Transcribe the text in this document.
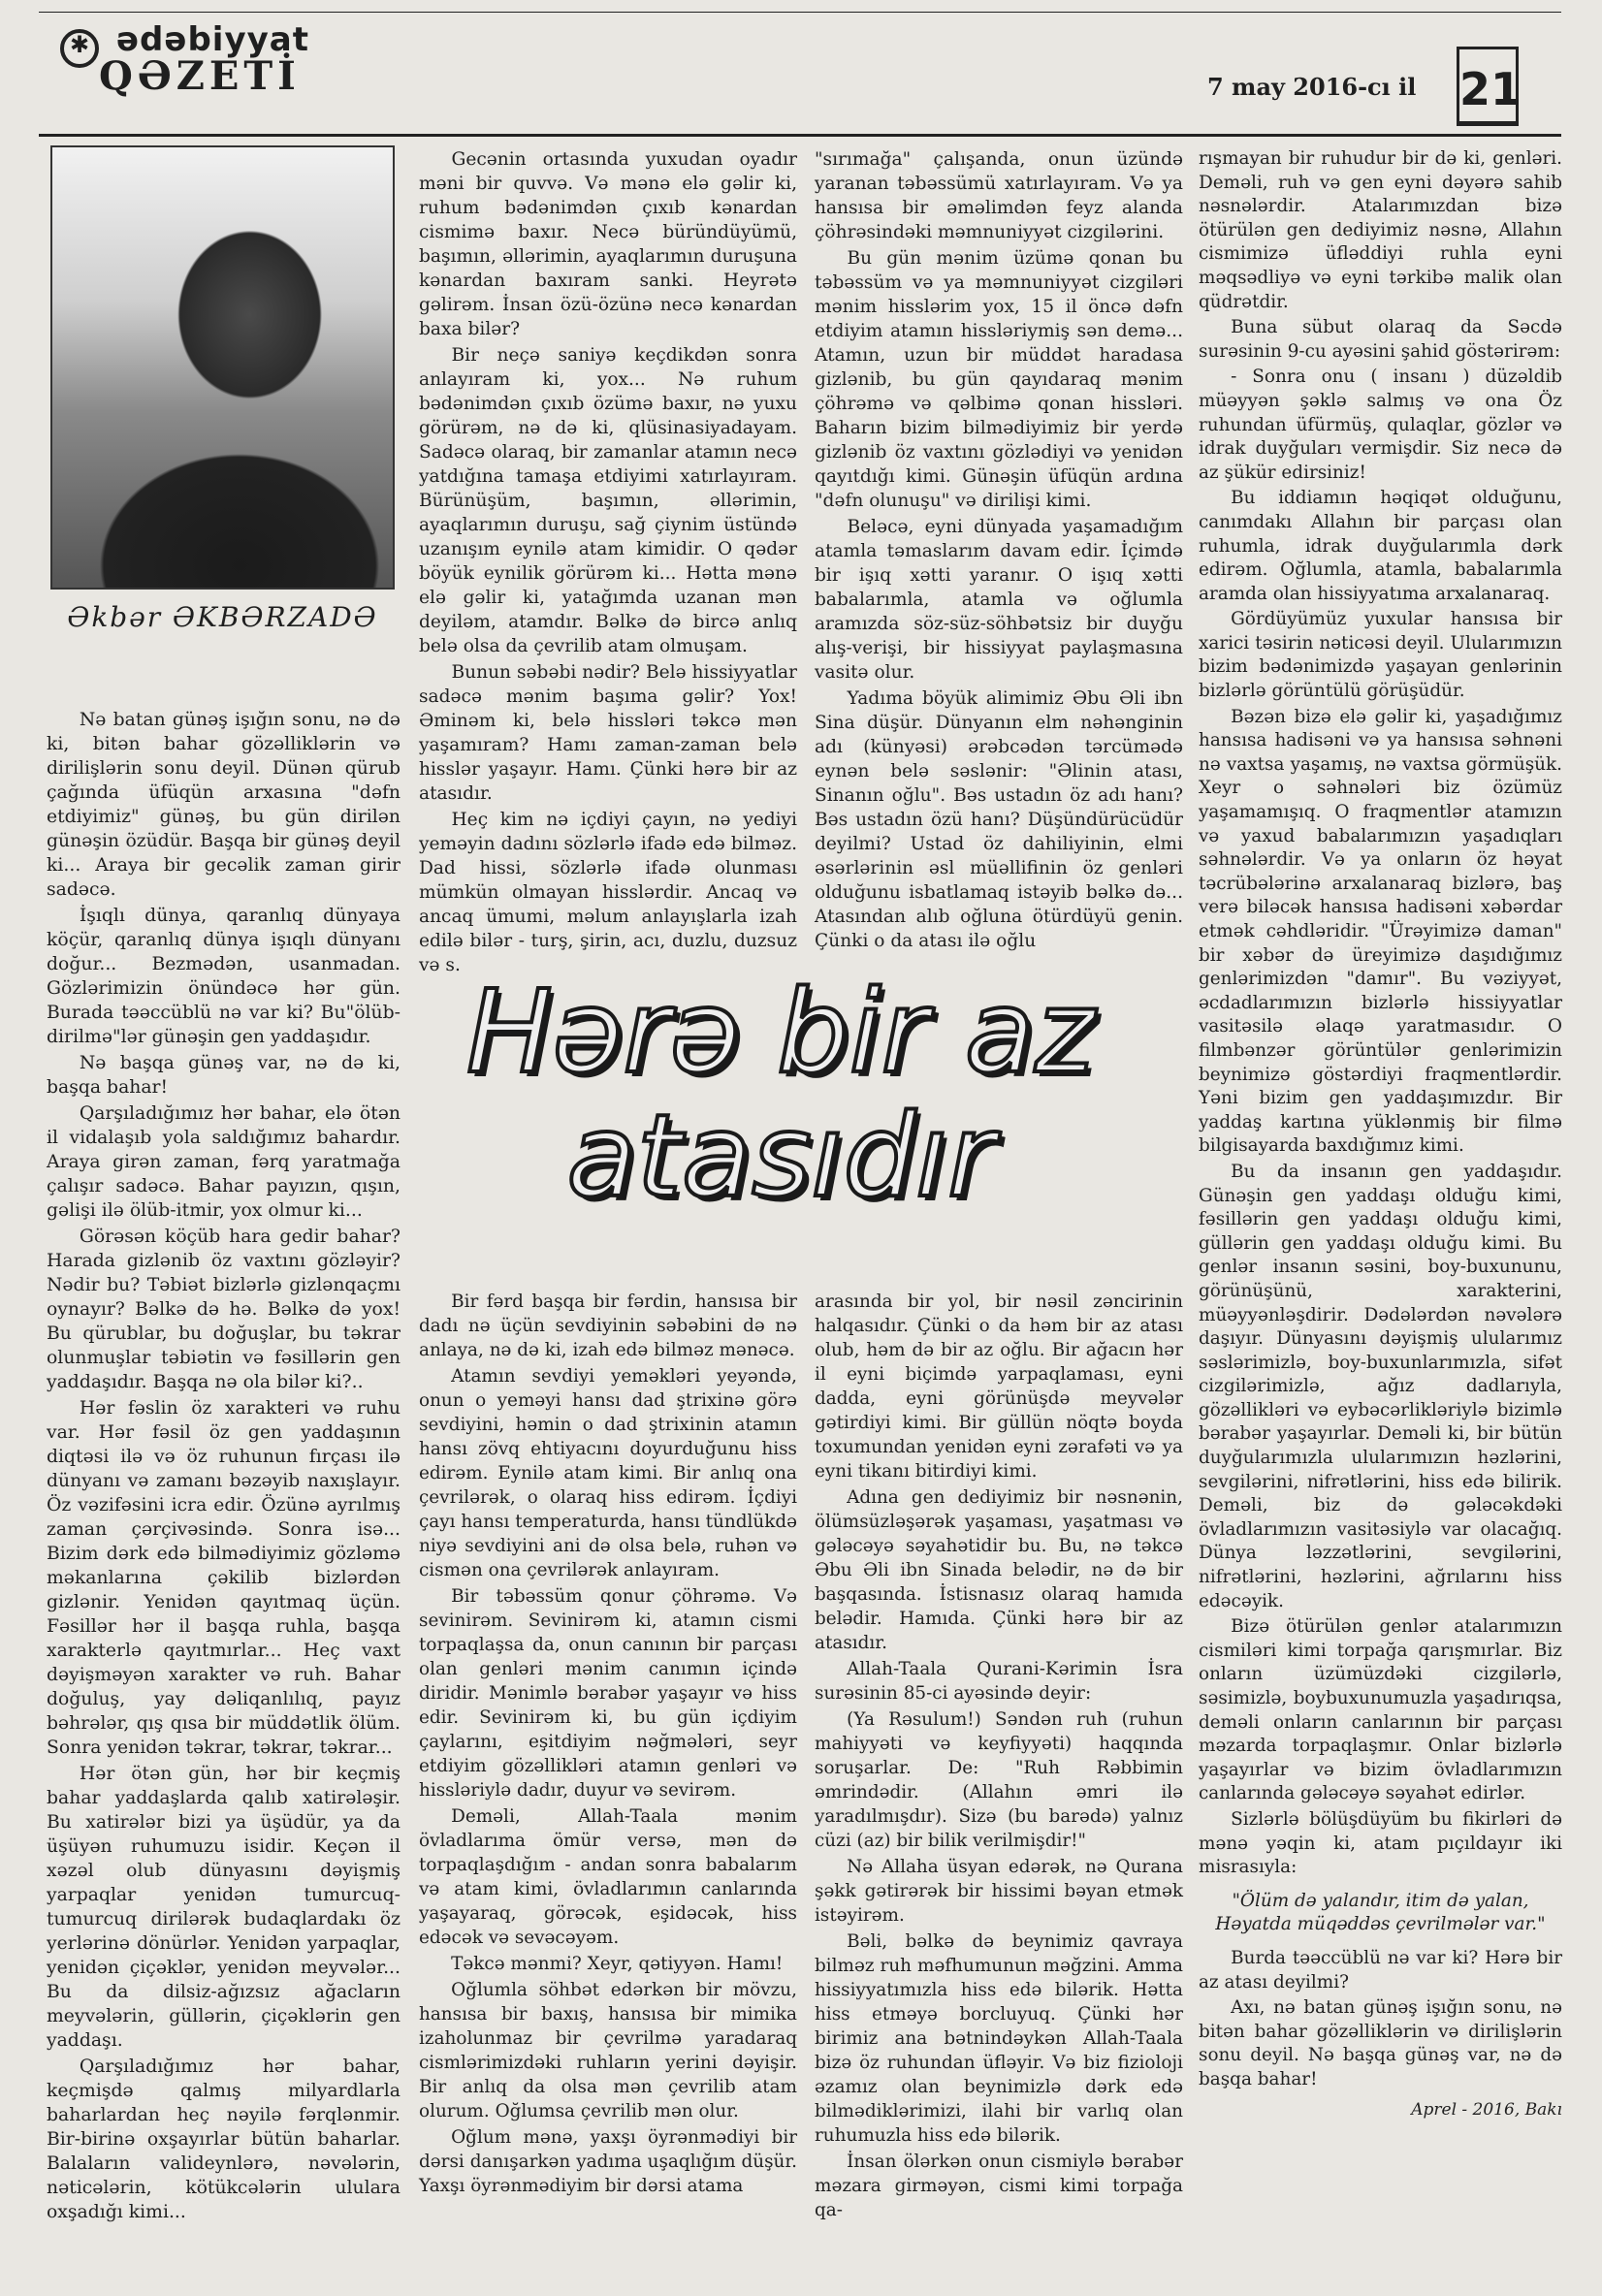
✱
ədəbiyyat
QƏZETİ	7 may 2016-cı il 21
Əkbər ƏKBƏRZADƏ

Nə batan günəş işığın sonu, nə də ki, bitən bahar gözəlliklərin və dirilişlərin sonu deyil. Dünən qürub çağında üfüqün arxasına "dəfn etdiyimiz" günəş, bu gün dirilən günəşin özüdür. Başqa bir günəş deyil ki... Araya bir gecəlik zaman girir sadəcə.

İşıqlı dünya, qaranlıq dünyaya köçür, qaranlıq dünya işıqlı dünyanı doğur... Bezmədən, usanmadan. Gözlərimizin önündəcə hər gün. Burada təəccüblü nə var ki? Bu"ölüb-dirilmə"lər günəşin gen yaddaşıdır.

Nə başqa günəş var, nə də ki, başqa bahar!

Qarşıladığımız hər bahar, elə ötən il vidalaşıb yola saldığımız bahardır. Araya girən zaman, fərq yaratmağa çalışır sadəcə. Bahar payızın, qışın, gəlişi ilə ölüb-itmir, yox olmur ki...

Görəsən köçüb hara gedir bahar? Harada gizlənib öz vaxtını gözləyir? Nədir bu? Təbiət bizlərlə gizlənqaçmı oynayır? Bəlkə də hə. Bəlkə də yox! Bu qürublar, bu doğuşlar, bu təkrar olunmuşlar təbiətin və fəsillərin gen yaddaşıdır. Başqa nə ola bilər ki?..

Hər fəslin öz xarakteri və ruhu var. Hər fəsil öz gen yaddaşının diqtəsi ilə və öz ruhunun fırçası ilə dünyanı və zamanı bəzəyib naxışlayır. Öz vəzifəsini icra edir. Özünə ayrılmış zaman çərçivəsində. Sonra isə... Bizim dərk edə bilmədiyimiz gözləmə məkanlarına çəkilib bizlərdən gizlənir. Yenidən qayıtmaq üçün. Fəsillər hər il başqa ruhla, başqa xarakterlə qayıtmırlar... Heç vaxt dəyişməyən xarakter və ruh. Bahar doğuluş, yay dəliqanlılıq, payız bəhrələr, qış qısa bir müddətlik ölüm. Sonra yenidən təkrar, təkrar, təkrar...

Hər ötən gün, hər bir keçmiş bahar yaddaşlarda qalıb xatirələşir. Bu xatirələr bizi ya üşüdür, ya da üşüyən ruhumuzu isidir. Keçən il xəzəl olub dünyasını dəyişmiş yarpaqlar yenidən tumurcuq-tumurcuq dirilərək budaqlardakı öz yerlərinə dönürlər. Yenidən yarpaqlar, yenidən çiçəklər, yenidən meyvələr... Bu da dilsiz-ağızsız ağacların meyvələrin, güllərin, çiçəklərin gen yaddaşı.

Qarşıladığımız hər bahar, keçmişdə qalmış milyardlarla baharlardan heç nəyilə fərqlənmir. Bir-birinə oxşayırlar bütün baharlar. Balaların valideynlərə, nəvələrin, nəticələrin, kötükcələrin ululara oxşadığı kimi...

Gecənin ortasında yuxudan oyadır məni bir quvvə. Və mənə elə gəlir ki, ruhum bədənimdən çıxıb kənardan cismimə baxır. Necə büründüyümü, başımın, əllərimin, ayaqlarımın duruşuna kənardan baxıram sanki. Heyrətə gəlirəm. İnsan özü-özünə necə kənardan baxa bilər?

Bir neçə saniyə keçdikdən sonra anlayıram ki, yox... Nə ruhum bədənimdən çıxıb özümə baxır, nə yuxu görürəm, nə də ki, qlüsinasiyadayam. Sadəcə olaraq, bir zamanlar atamın necə yatdığına tamaşa etdiyimi xatırlayıram. Bürünüşüm, başımın, əllərimin, ayaqlarımın duruşu, sağ çiynim üstündə uzanışım eynilə atam kimidir. O qədər böyük eynilik görürəm ki... Hətta mənə elə gəlir ki, yatağımda uzanan mən deyiləm, atamdır. Bəlkə də bircə anlıq belə olsa da çevrilib atam olmuşam.

Bunun səbəbi nədir? Belə hissiyyatlar sadəcə mənim başıma gəlir? Yox! Əminəm ki, belə hissləri təkcə mən yaşamıram? Hamı zaman-zaman belə hisslər yaşayır. Hamı. Çünki hərə bir az atasıdır.

Heç kim nə içdiyi çayın, nə yediyi yeməyin dadını sözlərlə ifadə edə bilməz. Dad hissi, sözlərlə ifadə olunması mümkün olmayan hisslərdir. Ancaq və ancaq ümumi, məlum anlayışlarla izah edilə bilər - turş, şirin, acı, duzlu, duzsuz və s.

"sırımağa" çalışanda, onun üzündə yaranan təbəssümü xatırlayıram. Və ya hansısa bir əməlimdən feyz alanda çöhrəsindəki məmnuniyyət cizgilərini.

Bu gün mənim üzümə qonan bu təbəssüm və ya məmnuniyyət cizgiləri mənim hisslərim yox, 15 il öncə dəfn etdiyim atamın hissləriymiş sən demə... Atamın, uzun bir müddət haradasa gizlənib, bu gün qayıdaraq mənim çöhrəmə və qəlbimə qonan hissləri. Baharın bizim bilmədiyimiz bir yerdə gizlənib öz vaxtını gözlədiyi və yenidən qayıtdığı kimi. Günəşin üfüqün ardına "dəfn olunuşu" və dirilişi kimi.

Beləcə, eyni dünyada yaşamadığım atamla təmaslarım davam edir. İçimdə bir işıq xətti yaranır. O işıq xətti babalarımla, atamla və oğlumla aramızda söz-süz-söhbətsiz bir duyğu alış-verişi, bir hissiyyat paylaşmasına vasitə olur.

Yadıma böyük alimimiz Əbu Əli ibn Sina düşür. Dünyanın elm nəhənginin adı (künyəsi) ərəbcədən tərcümədə eynən belə səslənir: "Əlinin atası, Sinanın oğlu". Bəs ustadın öz adı hanı? Bəs ustadın özü hanı? Düşündürücüdür deyilmi? Ustad öz dahiliyinin, elmi əsərlərinin əsl müəllifinin öz genləri olduğunu isbatlamaq istəyib bəlkə də... Atasından alıb oğluna ötürdüyü genin. Çünki o da atası ilə oğlu

Hərə bir az atasıdır

Bir fərd başqa bir fərdin, hansısa bir dadı nə üçün sevdiyinin səbəbini də nə anlaya, nə də ki, izah edə bilməz mənəcə.

Atamın sevdiyi yeməkləri yeyəndə, onun o yeməyi hansı dad ştrixinə görə sevdiyini, həmin o dad ştrixinin atamın hansı zövq ehtiyacını doyurduğunu hiss edirəm. Eynilə atam kimi. Bir anlıq ona çevrilərək, o olaraq hiss edirəm. İçdiyi çayı hansı temperaturda, hansı tündlükdə niyə sevdiyini ani də olsa belə, ruhən və cismən ona çevrilərək anlayıram.

Bir təbəssüm qonur çöhrəmə. Və sevinirəm. Sevinirəm ki, atamın cismi torpaqlaşsa da, onun canının bir parçası olan genləri mənim canımın içində diridir. Mənimlə bərabər yaşayır və hiss edir. Sevinirəm ki, bu gün içdiyim çaylarını, eşitdiyim nəğmələri, seyr etdiyim gözəllikləri atamın genləri və hissləriylə dadır, duyur və sevirəm.

Deməli, Allah-Taala mənim övladlarıma ömür versə, mən də torpaqlaşdığım - andan sonra babalarım və atam kimi, övladlarımın canlarında yaşayaraq, görəcək, eşidəcək, hiss edəcək və sevəcəyəm.

Təkcə mənmi? Xeyr, qətiyyən. Hamı!

Oğlumla söhbət edərkən bir mövzu, hansısa bir baxış, hansısa bir mimika izaholunmaz bir çevrilmə yaradaraq cismlərimizdəki ruhların yerini dəyişir. Bir anlıq da olsa mən çevrilib atam olurum. Oğlumsa çevrilib mən olur.

Oğlum mənə, yaxşı öyrənmədiyi bir dərsi danışarkən yadıma uşaqlığım düşür. Yaxşı öyrənmədiyim bir dərsi atama

arasında bir yol, bir nəsil zəncirinin halqasıdır. Çünki o da həm bir az atası olub, həm də bir az oğlu. Bir ağacın hər il eyni biçimdə yarpaqlaması, eyni dadda, eyni görünüşdə meyvələr gətirdiyi kimi. Bir güllün nöqtə boyda toxumundan yenidən eyni zərafəti və ya eyni tikanı bitirdiyi kimi.

Adına gen dediyimiz bir nəsnənin, ölümsüzləşərək yaşaması, yaşatması və gələcəyə səyahətidir bu. Bu, nə təkcə Əbu Əli ibn Sinada belədir, nə də bir başqasında. İstisnasız olaraq hamıda belədir. Hamıda. Çünki hərə bir az atasıdır.

Allah-Taala Qurani-Kərimin İsra surəsinin 85-ci ayəsində deyir:

(Ya Rəsulum!) Səndən ruh (ruhun mahiyyəti və keyfiyyəti) haqqında soruşarlar. De: "Ruh Rəbbimin əmrindədir. (Allahın əmri ilə yaradılmışdır). Sizə (bu barədə) yalnız cüzi (az) bir bilik verilmişdir!"

Nə Allaha üsyan edərək, nə Qurana şəkk gətirərək bir hissimi bəyan etmək istəyirəm.

Bəli, bəlkə də beynimiz qavraya bilməz ruh məfhumunun məğzini. Amma hissiyyatımızla hiss edə bilərik. Hətta hiss etməyə borcluyuq. Çünki hər birimiz ana bətnindəykən Allah-Taala bizə öz ruhundan üfləyir. Və biz fizioloji əzamız olan beynimizlə dərk edə bilmədiklərimizi, ilahi bir varlıq olan ruhumuzla hiss edə bilərik.

İnsan ölərkən onun cismiylə bərabər məzara girməyən, cismi kimi torpağa qa-

rışmayan bir ruhudur bir də ki, genləri. Deməli, ruh və gen eyni dəyərə sahib nəsnələrdir. Atalarımızdan bizə ötürülən gen dediyimiz nəsnə, Allahın cismimizə üfləddiyi ruhla eyni məqsədliyə və eyni tərkibə malik olan qüdrətdir.

Buna sübut olaraq da Səcdə surəsinin 9-cu ayəsini şahid göstərirəm:

- Sonra onu ( insanı ) düzəldib müəyyən şəklə salmış və ona Öz ruhundan üfürmüş, qulaqlar, gözlər və idrak duyğuları vermişdir. Siz necə də az şükür edirsiniz!

Bu iddiamın həqiqət olduğunu, canımdakı Allahın bir parçası olan ruhumla, idrak duyğularımla dərk edirəm. Oğlumla, atamla, babalarımla aramda olan hissiyyatıma arxalanaraq.

Gördüyümüz yuxular hansısa bir xarici təsirin nəticəsi deyil. Ulularımızın bizim bədənimizdə yaşayan genlərinin bizlərlə görüntülü görüşüdür.

Bəzən bizə elə gəlir ki, yaşadığımız hansısa hadisəni və ya hansısa səhnəni nə vaxtsa yaşamış, nə vaxtsa görmüşük. Xeyr o səhnələri biz özümüz yaşamamışıq. O fraqmentlər atamızın və yaxud babalarımızın yaşadıqları səhnələrdir. Və ya onların öz həyat təcrübələrinə arxalanaraq bizlərə, baş verə biləcək hansısa hadisəni xəbərdar etmək cəhdləridir. "Ürəyimizə daman" bir xəbər də üreyimizə daşıdığımız genlərimizdən "damır". Bu vəziyyət, əcdadlarımızın bizlərlə hissiyyatlar vasitəsilə əlaqə yaratmasıdır. O filmbənzər görüntülər genlərimizin beynimizə göstərdiyi fraqmentlərdir. Yəni bizim gen yaddaşımızdır. Bir yaddaş kartına yüklənmiş bir filmə bilgisayarda baxdığımız kimi.

Bu da insanın gen yaddaşıdır. Günəşin gen yaddaşı olduğu kimi, fəsillərin gen yaddaşı olduğu kimi, güllərin gen yaddaşı olduğu kimi. Bu genlər insanın səsini, boy-buxununu, görünüşünü, xarakterini, müəyyənləşdirir. Dədələrdən nəvələrə daşıyır. Dünyasını dəyişmiş ulularımız səslərimizlə, boy-buxunlarımızla, sifət cizgilərimizlə, ağız dadlarıyla, gözəllikləri və eybəcərlikləriylə bizimlə bərabər yaşayırlar. Deməli ki, bir bütün duyğularımızla ulularımızın həzlərini, sevgilərini, nifrətlərini, hiss edə bilirik. Deməli, biz də gələcəkdəki övladlarımızın vasitəsiylə var olacağıq. Dünya ləzzətlərini, sevgilərini, nifrətlərini, həzlərini, ağrılarını hiss edəcəyik.

Bizə ötürülən genlər atalarımızın cismiləri kimi torpağa qarışmırlar. Biz onların üzümüzdəki cizgilərlə, səsimizlə, boybuxunumuzla yaşadırıqsa, deməli onların canlarının bir parçası məzarda torpaqlaşmır. Onlar bizlərlə yaşayırlar və bizim övladlarımızın canlarında gələcəyə səyahət edirlər.

Sizlərlə bölüşdüyüm bu fikirləri də mənə yəqin ki, atam pıçıldayır iki misrasıyla:

"Ölüm də yalandır, itim də yalan, Həyatda müqəddəs çevrilmələr var."

Burda təəccüblü nə var ki? Hərə bir az atası deyilmi?

Axı, nə batan günəş işığın sonu, nə bitən bahar gözəlliklərin və dirilişlərin sonu deyil. Nə başqa günəş var, nə də başqa bahar!

Aprel - 2016, Bakı
